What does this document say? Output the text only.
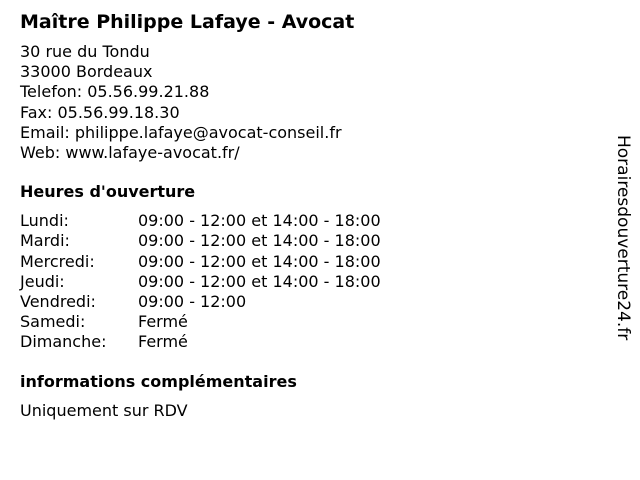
Maître Philippe Lafaye - Avocat
30 rue du Tondu
33000 Bordeaux
Telefon: 05.56.99.21.88
Fax: 05.56.99.18.30
Email: philippe.lafaye@avocat-conseil.fr
Web: www.lafaye-avocat.fr/
Heures d'ouverture
Lundi:	09:00 - 12:00 et 14:00 - 18:00
Mardi:	09:00 - 12:00 et 14:00 - 18:00
Mercredi:	09:00 - 12:00 et 14:00 - 18:00
Jeudi:	09:00 - 12:00 et 14:00 - 18:00
Vendredi:	09:00 - 12:00
Samedi:	Fermé
Dimanche:	Fermé
informations complémentaires
Uniquement sur RDV
Horairesdouverture24.fr
